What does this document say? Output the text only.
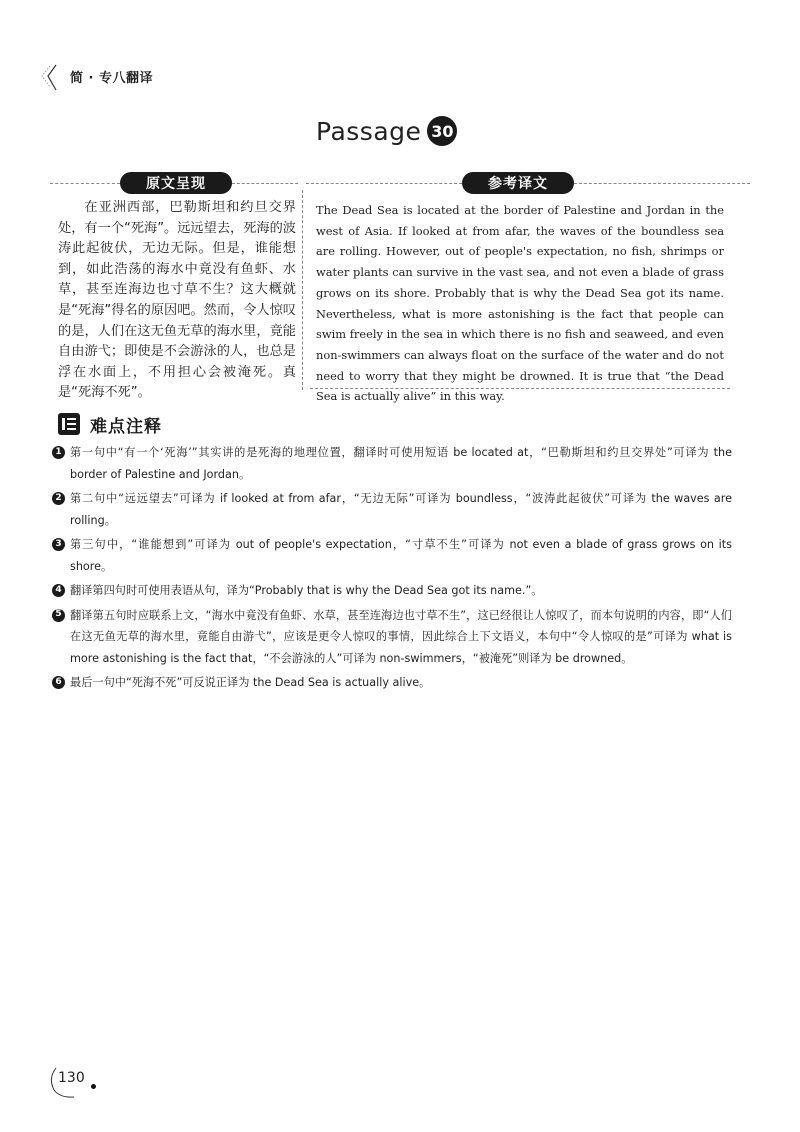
简 · 专八翻译
Passage 30
原文呈现	参考译文
在亚洲西部，巴勒斯坦和约旦交界处，有一个“死海”。远远望去，死海的波涛此起彼伏，无边无际。但是，谁能想到，如此浩荡的海水中竟没有鱼虾、水草，甚至连海边也寸草不生？这大概就是“死海”得名的原因吧。然而，令人惊叹的是，人们在这无鱼无草的海水里，竟能自由游弋；即使是不会游泳的人，也总是浮在水面上，不用担心会被淹死。真是“死海不死”。
The Dead Sea is located at the border of Palestine and Jordan in the west of Asia. If looked at from afar, the waves of the boundless sea are rolling. However, out of people's expectation, no fish, shrimps or water plants can survive in the vast sea, and not even a blade of grass grows on its shore. Probably that is why the Dead Sea got its name. Nevertheless, what is more astonishing is the fact that people can swim freely in the sea in which there is no fish and seaweed, and even non-swimmers can always float on the surface of the water and do not need to worry that they might be drowned. It is true that “the Dead Sea is actually alive” in this way.
难点注释
1 第一句中“有一个‘死海’”其实讲的是死海的地理位置，翻译时可使用短语 be located at，“巴勒斯坦和约旦交界处”可译为 the border of Palestine and Jordan。
2 第二句中“远远望去”可译为 if looked at from afar，“无边无际”可译为 boundless，“波涛此起彼伏”可译为 the waves are rolling。
3 第三句中，“谁能想到”可译为 out of people's expectation，“寸草不生”可译为 not even a blade of grass grows on its shore。
4 翻译第四句时可使用表语从句，译为“Probably that is why the Dead Sea got its name.”。
5 翻译第五句时应联系上文，“海水中竟没有鱼虾、水草，甚至连海边也寸草不生”，这已经很让人惊叹了，而本句说明的内容，即“人们在这无鱼无草的海水里，竟能自由游弋”，应该是更令人惊叹的事情，因此综合上下文语义，本句中“令人惊叹的是”可译为 what is more astonishing is the fact that，“不会游泳的人”可译为 non-swimmers，“被淹死”则译为 be drowned。
6 最后一句中“死海不死”可反说正译为 the Dead Sea is actually alive。
130
